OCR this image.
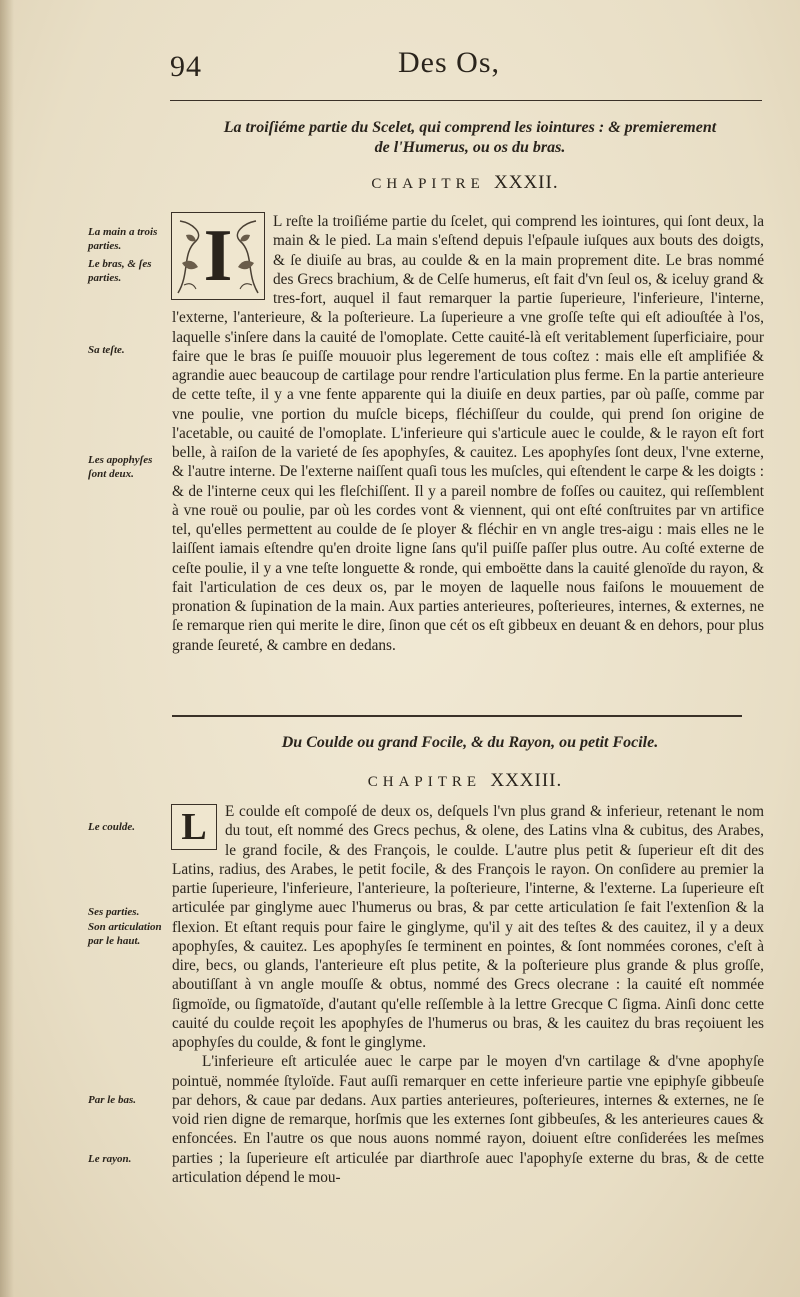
94	Des Os,
La troiſiéme partie du Scelet, qui comprend les iointures : & premierement
de l'Humerus, ou os du bras.
CHAPITRE XXXII.
La main a trois parties.
Le bras, & ſes parties.
Sa teſte.
Les apophyſes ſont deux.
I	L reſte la troiſiéme partie du ſcelet, qui comprend les iointures, qui ſont deux, la main & le pied. La main s'eſtend depuis l'eſpaule iuſques aux bouts des doigts, & ſe diuiſe au bras, au coulde & en la main proprement dite. Le bras nommé des Grecs brachium, & de Celſe humerus, eſt fait d'vn ſeul os, & iceluy grand & tres-fort, auquel il faut remarquer la partie ſuperieure, l'inferieure, l'interne, l'externe, l'anterieure, & la poſterieure. La ſuperieure a vne groſſe teſte qui eſt adiouſtée à l'os, laquelle s'inſere dans la cauité de l'omoplate. Cette cauité-là eſt veritablement ſuperficiaire, pour faire que le bras ſe puiſſe mouuoir plus legerement de tous coſtez : mais elle eſt amplifiée & agrandie auec beaucoup de cartilage pour rendre l'articulation plus ferme. En la partie anterieure de cette teſte, il y a vne fente apparente qui la diuiſe en deux parties, par où paſſe, comme par vne poulie, vne portion du muſcle biceps, fléchiſſeur du coulde, qui prend ſon origine de l'acetable, ou cauité de l'omoplate. L'inferieure qui s'articule auec le coulde, & le rayon eſt fort belle, à raiſon de la varieté de ſes apophyſes, & cauitez. Les apophyſes ſont deux, l'vne externe, & l'autre interne. De l'externe naiſſent quaſi tous les muſcles, qui eſtendent le carpe & les doigts : & de l'interne ceux qui les fleſchiſſent. Il y a pareil nombre de foſſes ou cauitez, qui reſſemblent à vne rouë ou poulie, par où les cordes vont & viennent, qui ont eſté conſtruites par vn artifice tel, qu'elles permettent au coulde de ſe ployer & fléchir en vn angle tres-aigu : mais elles ne le laiſſent iamais eſtendre qu'en droite ligne ſans qu'il puiſſe paſſer plus outre. Au coſté externe de ceſte poulie, il y a vne teſte longuette & ronde, qui emboëtte dans la cauité glenoïde du rayon, & fait l'articulation de ces deux os, par le moyen de laquelle nous faiſons le mouuement de pronation & ſupination de la main. Aux parties anterieures, poſterieures, internes, & externes, ne ſe remarque rien qui merite le dire, ſinon que cét os eſt gibbeux en deuant & en dehors, pour plus grande ſeureté, & cambre en dedans.

Du Coulde ou grand Focile, & du Rayon, ou petit Focile.
CHAPITRE XXXIII.
Le coulde.
Ses parties.
Son articulation par le haut.
Par le bas.
Le rayon.
L	E coulde eſt compoſé de deux os, deſquels l'vn plus grand & inferieur, retenant le nom du tout, eſt nommé des Grecs pechus, & olene, des Latins vlna & cubitus, des Arabes, le grand focile, & des François, le coulde. L'autre plus petit & ſuperieur eſt dit des Latins, radius, des Arabes, le petit focile, & des François le rayon. On conſidere au premier la partie ſuperieure, l'inferieure, l'anterieure, la poſterieure, l'interne, & l'externe. La ſuperieure eſt articulée par ginglyme auec l'humerus ou bras, & par cette articulation ſe fait l'extenſion & la flexion. Et eſtant requis pour faire le ginglyme, qu'il y ait des teſtes & des cauitez, il y a deux apophyſes, & cauitez. Les apophyſes ſe terminent en pointes, & ſont nommées corones, c'eſt à dire, becs, ou glands, l'anterieure eſt plus petite, & la poſterieure plus grande & plus groſſe, aboutiſſant à vn angle mouſſe & obtus, nommé des Grecs olecrane : la cauité eſt nommée ſigmoïde, ou ſigmatoïde, d'autant qu'elle reſſemble à la lettre Grecque C ſigma. Ainſi donc cette cauité du coulde reçoit les apophyſes de l'humerus ou bras, & les cauitez du bras reçoiuent les apophyſes du coulde, & font le ginglyme.

L'inferieure eſt articulée auec le carpe par le moyen d'vn cartilage & d'vne apophyſe pointuë, nommée ſtyloïde. Faut auſſi remarquer en cette inferieure partie vne epiphyſe gibbeuſe par dehors, & caue par dedans. Aux parties anterieures, poſterieures, internes & externes, ne ſe void rien digne de remarque, horſmis que les externes ſont gibbeuſes, & les anterieures caues & enfoncées. En l'autre os que nous auons nommé rayon, doiuent eſtre conſiderées les meſmes parties ; la ſuperieure eſt articulée par diarthroſe auec l'apophyſe externe du bras, & de cette articulation dépend le mou-
